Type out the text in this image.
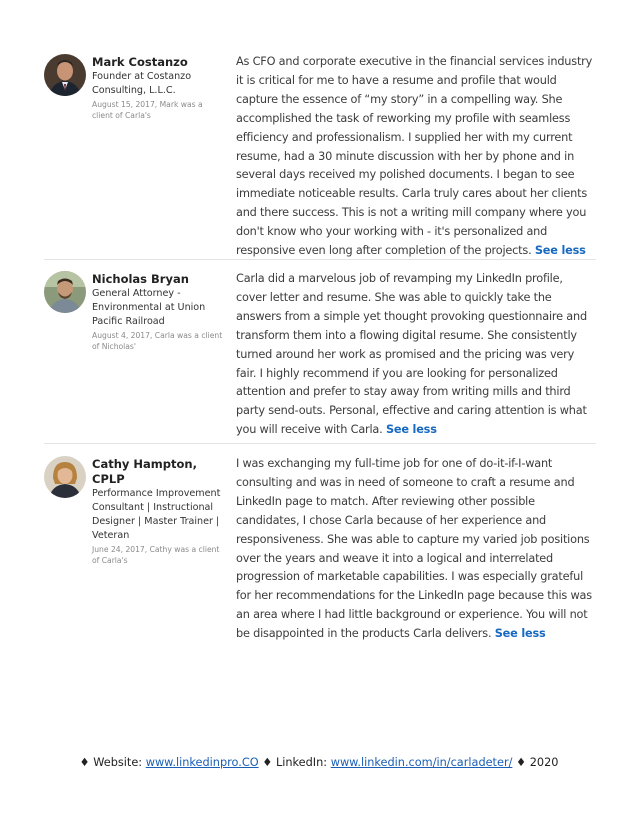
Mark Costanzo
Founder at Costanzo Consulting, L.L.C.
August 15, 2017, Mark was a client of Carla's
As CFO and corporate executive in the financial services industry it is critical for me to have a resume and profile that would capture the essence of “my story” in a compelling way. She accomplished the task of reworking my profile with seamless efficiency and professionalism. I supplied her with my current resume, had a 30 minute discussion with her by phone and in several days received my polished documents. I began to see immediate noticeable results. Carla truly cares about her clients and there success. This is not a writing mill company where you don't know who your working with - it's personalized and responsive even long after completion of the projects. See less
Nicholas Bryan
General Attorney - Environmental at Union Pacific Railroad
August 4, 2017, Carla was a client of Nicholas'
Carla did a marvelous job of revamping my LinkedIn profile, cover letter and resume. She was able to quickly take the answers from a simple yet thought provoking questionnaire and transform them into a flowing digital resume. She consistently turned around her work as promised and the pricing was very fair. I highly recommend if you are looking for personalized attention and prefer to stay away from writing mills and third party send-outs. Personal, effective and caring attention is what you will receive with Carla. See less
Cathy Hampton, CPLP
Performance Improvement Consultant | Instructional Designer | Master Trainer | Veteran
June 24, 2017, Cathy was a client of Carla's
I was exchanging my full-time job for one of do-it-if-I-want consulting and was in need of someone to craft a resume and LinkedIn page to match. After reviewing other possible candidates, I chose Carla because of her experience and responsiveness. She was able to capture my varied job positions over the years and weave it into a logical and interrelated progression of marketable capabilities. I was especially grateful for her recommendations for the LinkedIn page because this was an area where I had little background or experience. You will not be disappointed in the products Carla delivers. See less
♦ Website: www.linkedinpro.CO ♦ LinkedIn: www.linkedin.com/in/carladeter/ ♦ 2020
